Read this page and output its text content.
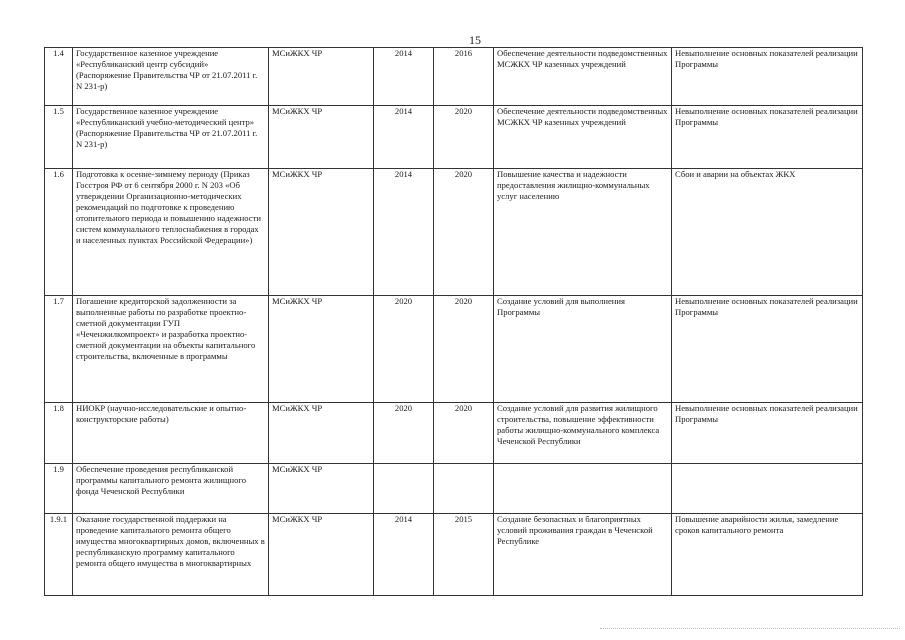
15
1.4	Государственное казенное учреждение «Республиканский центр субсидий» (Распоряжение Правительства ЧР от 21.07.2011 г. N 231-р)	МСиЖКХ ЧР	2014	2016	Обеспечение деятельности подведомственных МСЖКХ ЧР казенных учреждений	Невыполнение основных показателей реализации Программы

1.5	Государственное казенное учреждение «Республиканский учебно-методический центр» (Распоряжение Правительства ЧР от 21.07.2011 г. N 231-р)	МСиЖКХ ЧР	2014	2020	Обеспечение деятельности подведомственных МСЖКХ ЧР казенных учреждений	Невыполнение основных показателей реализации Программы

1.6	Подготовка к осенне-зимнему периоду (Приказ Госстроя РФ от 6 сентября 2000 г. N 203 «Об утверждении Организационно-методических рекомендаций по подготовке к проведению отопительного периода и повышению надежности систем коммунального теплоснабжения в городах и населенных пунктах Российской Федерации»)	МСиЖКХ ЧР	2014	2020	Повышение качества и надежности предоставления жилищно-коммунальных услуг населению	Сбои и аварии на объектах ЖКХ

1.7	Погашение кредиторской задолженности за выполненные работы по разработке проектно-сметной документации ГУП «Чеченжилкомпроект» и разработка проектно-сметной документации на объекты капитального строительства, включенные в программы	МСиЖКХ ЧР	2020	2020	Создание условий для выполнения Программы	Невыполнение основных показателей реализации Программы

1.8	НИОКР (научно-исследовательские и опытно-конструкторские работы)	МСиЖКХ ЧР	2020	2020	Создание условий для развития жилищного строительства, повышение эффективности работы жилищно-коммунального комплекса Чеченской Республики	Невыполнение основных показателей реализации Программы

1.9	Обеспечение проведения республиканской программы капитального ремонта жилищного фонда Чеченской Республики	МСиЖКХ ЧР				

1.9.1	Оказание государственной поддержки на проведение капитального ремонта общего имущества многоквартирных домов, включенных в республиканскую программу капитального ремонта общего имущества в многоквартирных	МСиЖКХ ЧР	2014	2015	Создание безопасных и благоприятных условий проживания граждан в Чеченской Республике	Повышение аварийности жилья, замедление сроков капитального ремонта
